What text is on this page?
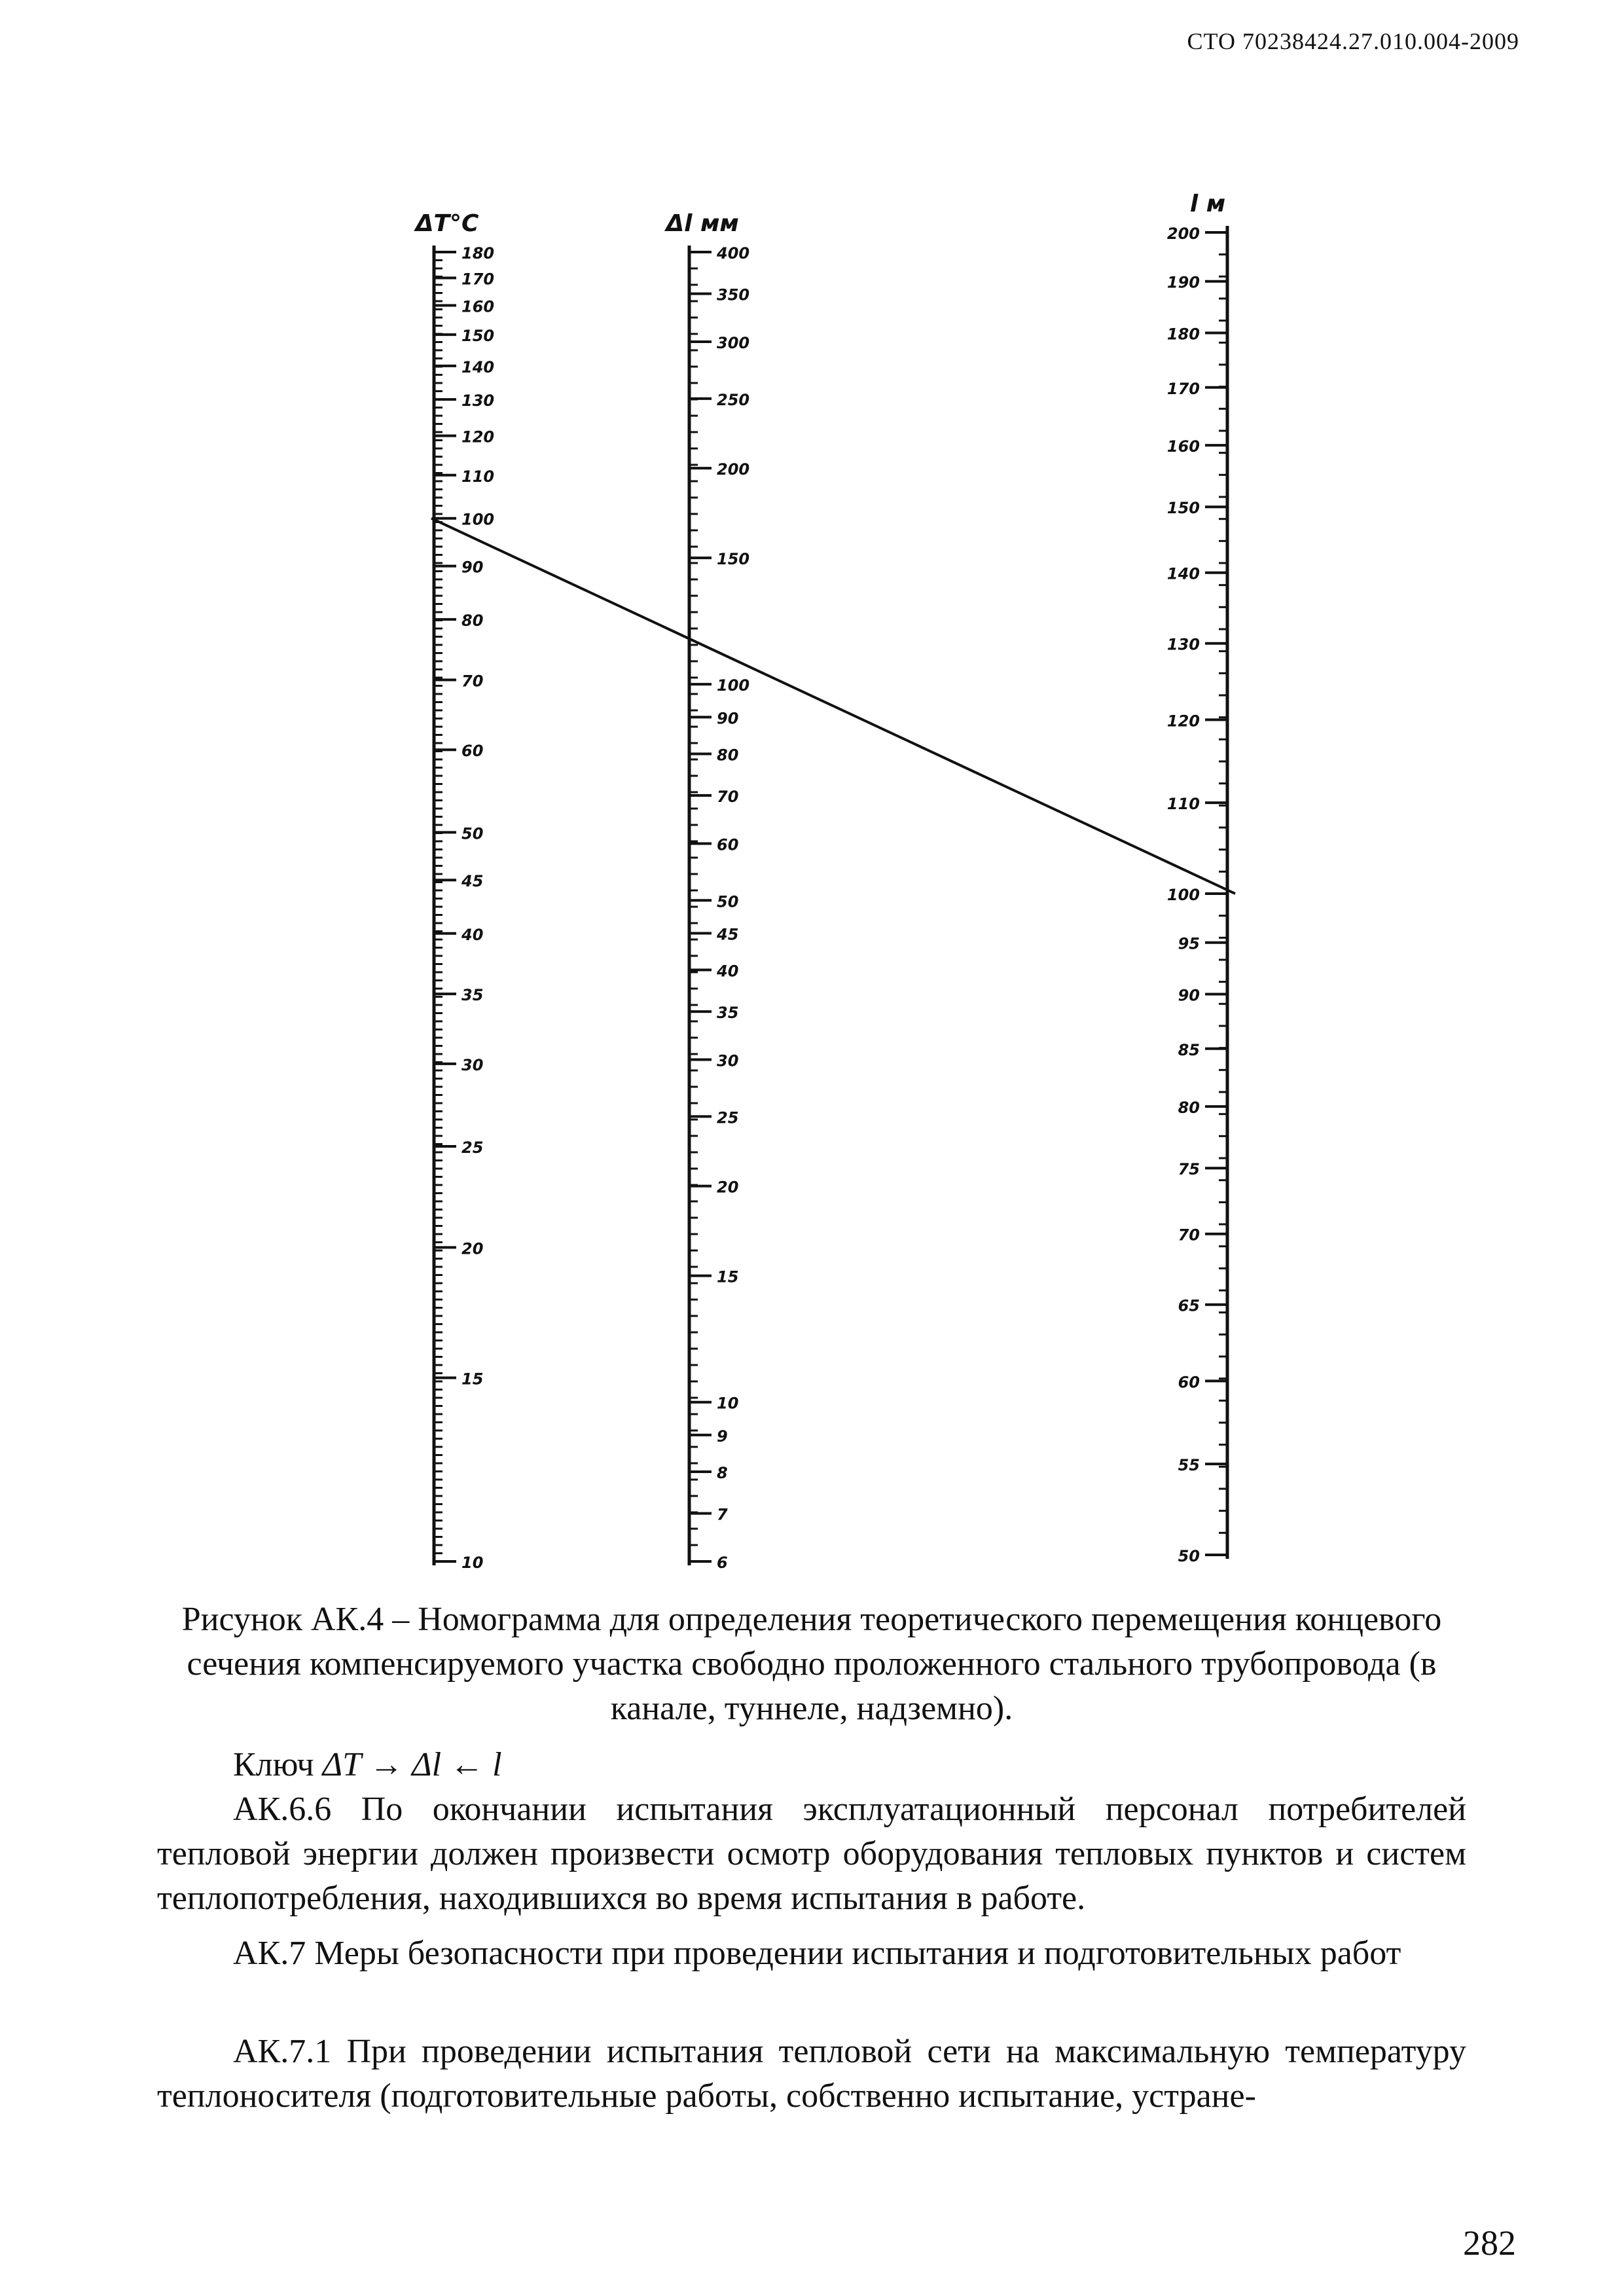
СТО 70238424.27.010.004-2009
180
170
160
150
140
130
120
110
100
90
80
70
60
50
45
40
35
30
25
20
15
10
ΔT°C
400
350
300
250
200
150
100
90
80
70
60
50
45
40
35
30
25
20
15
10
9
8
7
6
Δl мм	200
190
180
170
160
150
140
130
120
110
100
95
90
85
80
75
70
65
60
55
50
l м
Рисунок АК.4 – Номограмма для определения теоретического перемещения концевого сечения компенсируемого участка свободно проложенного стального трубопровода (в канале, туннеле, надземно).
Ключ ΔT → Δl ← l
АК.6.6 По окончании испытания эксплуатационный персонал потребителей тепловой энергии должен произвести осмотр оборудования тепловых пунктов и систем теплопотребления, находившихся во время испытания в работе.
АК.7 Меры безопасности при проведении испытания и подготовительных работ
АК.7.1 При проведении испытания тепловой сети на максимальную температуру теплоносителя (подготовительные работы, собственно испытание, устране-
282
